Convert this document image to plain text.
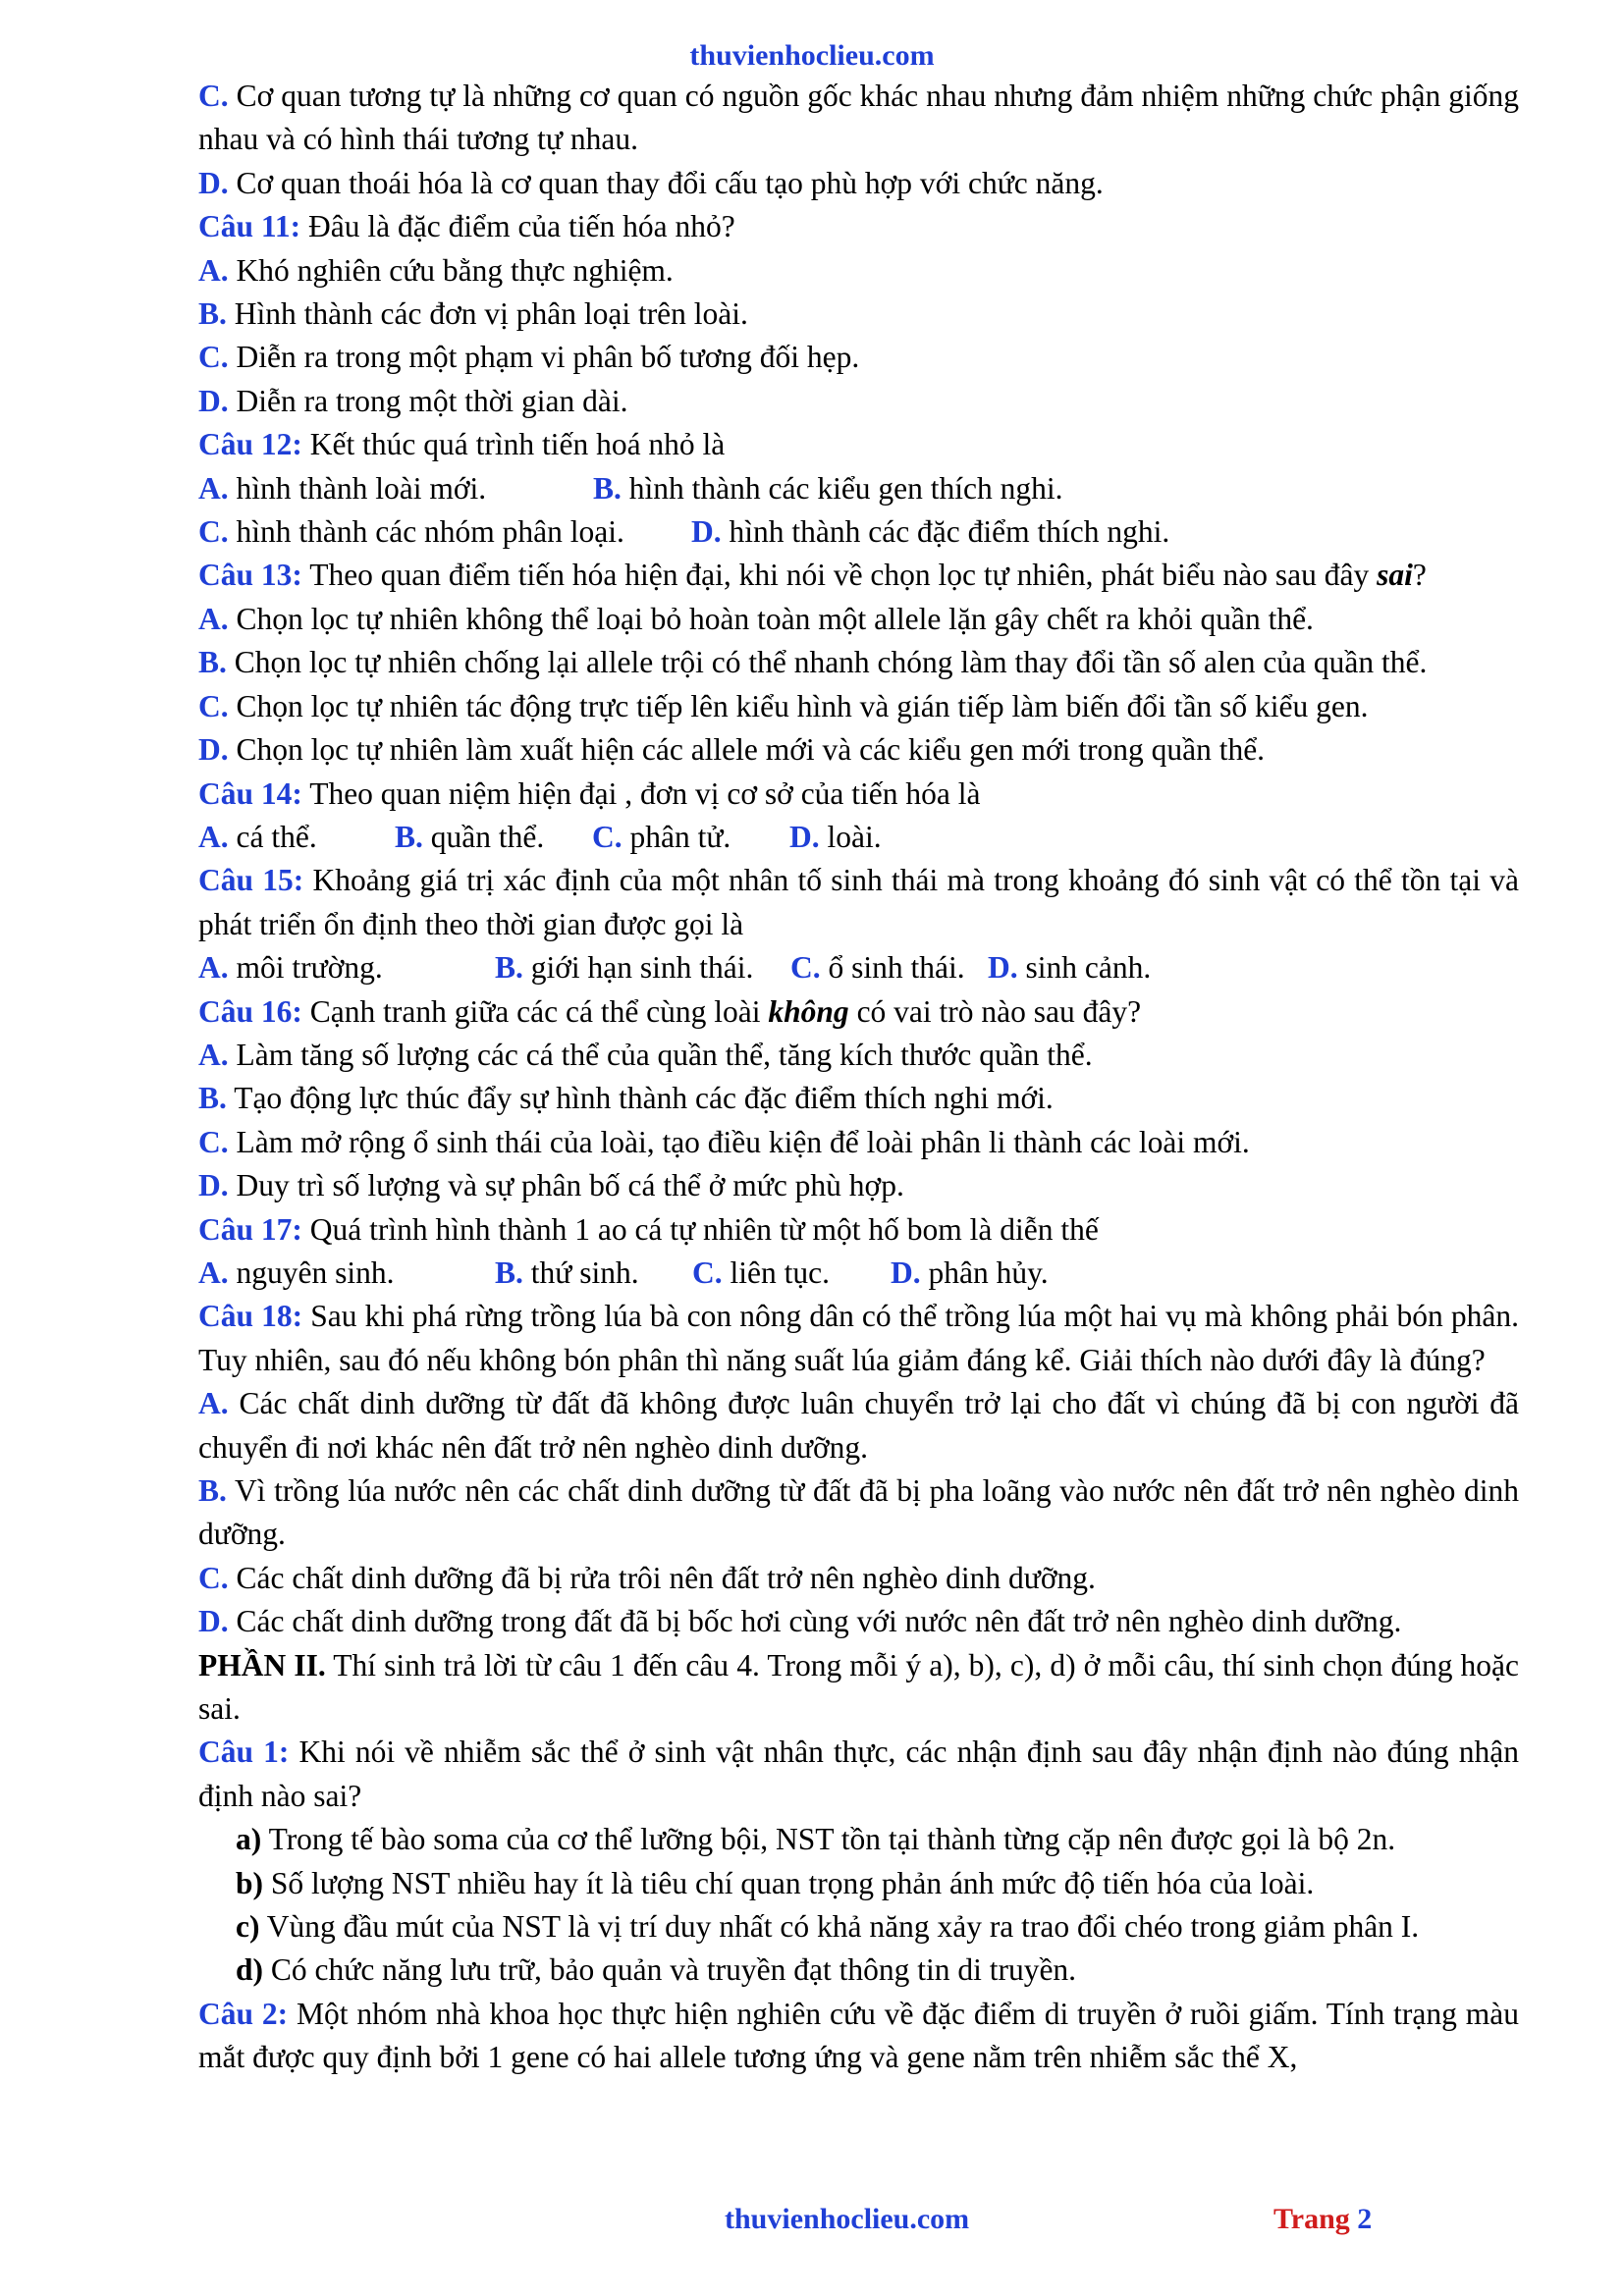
thuvienhoclieu.com

C. Cơ quan tương tự là những cơ quan có nguồn gốc khác nhau nhưng đảm nhiệm những chức phận giống nhau và có hình thái tương tự nhau.

D. Cơ quan thoái hóa là cơ quan thay đổi cấu tạo phù hợp với chức năng.

Câu 11: Đâu là đặc điểm của tiến hóa nhỏ?

A. Khó nghiên cứu bằng thực nghiệm.

B. Hình thành các đơn vị phân loại trên loài.

C. Diễn ra trong một phạm vi phân bố tương đối hẹp.

D. Diễn ra trong một thời gian dài.

Câu 12: Kết thúc quá trình tiến hoá nhỏ là

A. hình thành loài mới.	B. hình thành các kiểu gen thích nghi.

C. hình thành các nhóm phân loại.	D. hình thành các đặc điểm thích nghi.

Câu 13: Theo quan điểm tiến hóa hiện đại, khi nói về chọn lọc tự nhiên, phát biểu nào sau đây sai?

A. Chọn lọc tự nhiên không thể loại bỏ hoàn toàn một allele lặn gây chết ra khỏi quần thể.

B. Chọn lọc tự nhiên chống lại allele trội có thể nhanh chóng làm thay đổi tần số alen của quần thể.

C. Chọn lọc tự nhiên tác động trực tiếp lên kiểu hình và gián tiếp làm biến đổi tần số kiểu gen.

D. Chọn lọc tự nhiên làm xuất hiện các allele mới và các kiểu gen mới trong quần thể.

Câu 14: Theo quan niệm hiện đại , đơn vị cơ sở của tiến hóa là

A. cá thể.	B. quần thể.	C. phân tử.	D. loài.

Câu 15: Khoảng giá trị xác định của một nhân tố sinh thái mà trong khoảng đó sinh vật có thể tồn tại và phát triển ổn định theo thời gian được gọi là

A. môi trường.	B. giới hạn sinh thái.	C. ổ sinh thái. D. sinh cảnh.

Câu 16: Cạnh tranh giữa các cá thể cùng loài không có vai trò nào sau đây?

A. Làm tăng số lượng các cá thể của quần thể, tăng kích thước quần thể.

B. Tạo động lực thúc đẩy sự hình thành các đặc điểm thích nghi mới.

C. Làm mở rộng ổ sinh thái của loài, tạo điều kiện để loài phân li thành các loài mới.

D. Duy trì số lượng và sự phân bố cá thể ở mức phù hợp.

Câu 17: Quá trình hình thành 1 ao cá tự nhiên từ một hố bom là diễn thế

A. nguyên sinh.	B. thứ sinh.	C. liên tục.	D. phân hủy.

Câu 18: Sau khi phá rừng trồng lúa bà con nông dân có thể trồng lúa một hai vụ mà không phải bón phân. Tuy nhiên, sau đó nếu không bón phân thì năng suất lúa giảm đáng kể. Giải thích nào dưới đây là đúng?

A. Các chất dinh dưỡng từ đất đã không được luân chuyển trở lại cho đất vì chúng đã bị con người đã chuyển đi nơi khác nên đất trở nên nghèo dinh dưỡng.

B. Vì trồng lúa nước nên các chất dinh dưỡng từ đất đã bị pha loãng vào nước nên đất trở nên nghèo dinh dưỡng.

C. Các chất dinh dưỡng đã bị rửa trôi nên đất trở nên nghèo dinh dưỡng.

D. Các chất dinh dưỡng trong đất đã bị bốc hơi cùng với nước nên đất trở nên nghèo dinh dưỡng.

PHẦN II. Thí sinh trả lời từ câu 1 đến câu 4. Trong mỗi ý a), b), c), d) ở mỗi câu, thí sinh chọn đúng hoặc sai.

Câu 1: Khi nói về nhiễm sắc thể ở sinh vật nhân thực, các nhận định sau đây nhận định nào đúng nhận định nào sai?

a) Trong tế bào soma của cơ thể lưỡng bội, NST tồn tại thành từng cặp nên được gọi là bộ 2n.

b) Số lượng NST nhiều hay ít là tiêu chí quan trọng phản ánh mức độ tiến hóa của loài.

c) Vùng đầu mút của NST là vị trí duy nhất có khả năng xảy ra trao đổi chéo trong giảm phân I.

d) Có chức năng lưu trữ, bảo quản và truyền đạt thông tin di truyền.

Câu 2: Một nhóm nhà khoa học thực hiện nghiên cứu về đặc điểm di truyền ở ruồi giấm. Tính trạng màu mắt được quy định bởi 1 gene có hai allele tương ứng và gene nằm trên nhiễm sắc thể X,

thuvienhoclieu.com	Trang 2
